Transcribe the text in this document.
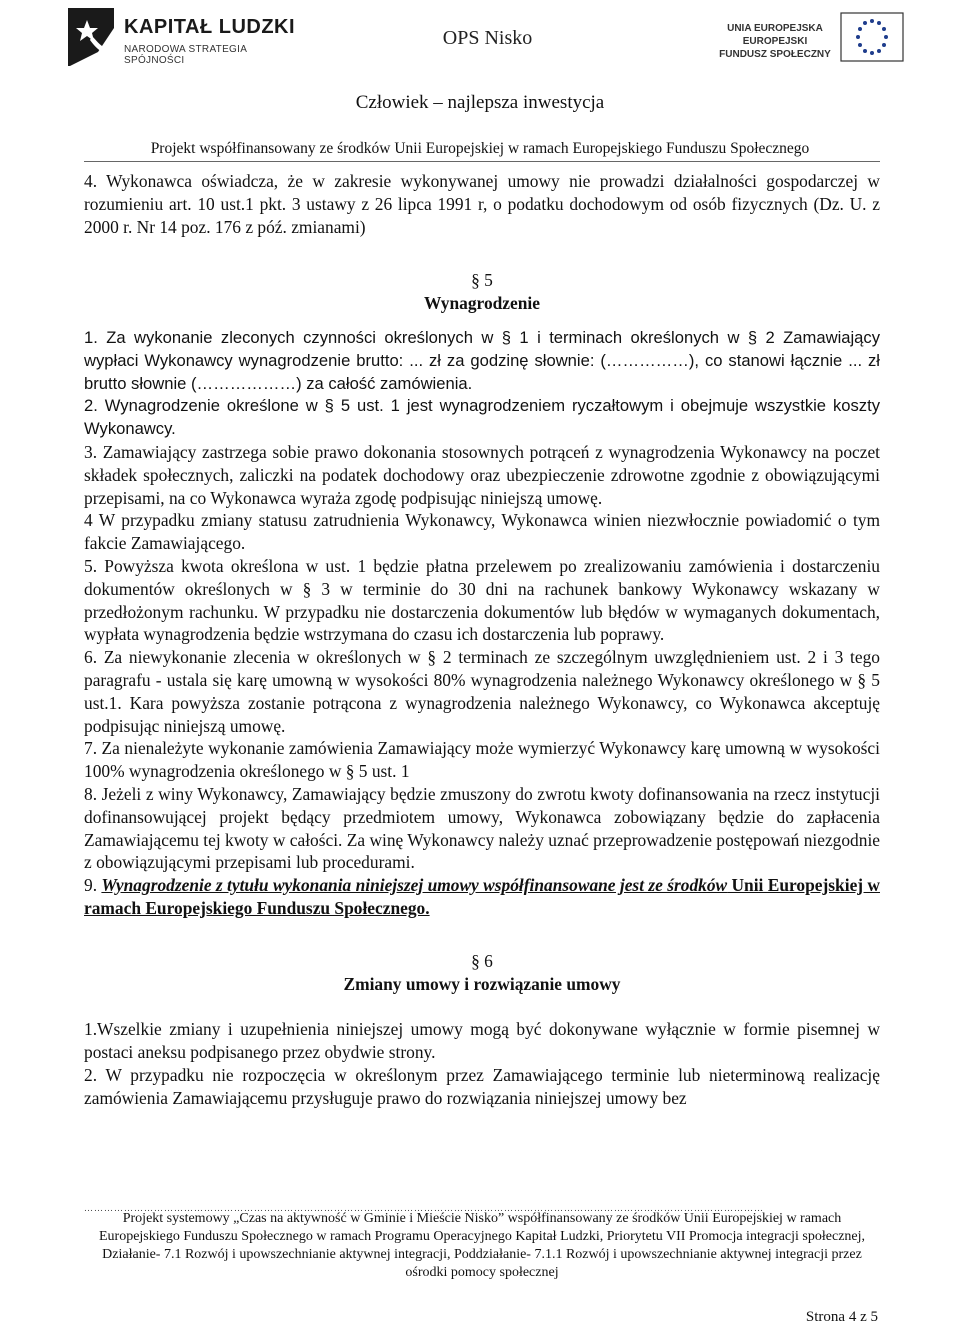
KAPITAŁ LUDZKI
NARODOWA STRATEGIA SPÓJNOŚCI
OPS Nisko	UNIA EUROPEJSKA
EUROPEJSKI
FUNDUSZ SPOŁECZNY
Człowiek – najlepsza inwestycja
Projekt współfinansowany ze środków Unii Europejskiej w ramach Europejskiego Funduszu Społecznego

4. Wykonawca oświadcza, że w zakresie wykonywanej umowy nie prowadzi działalności gospodarczej w rozumieniu art. 10 ust.1 pkt. 3 ustawy z 26 lipca 1991 r, o podatku dochodowym od osób fizycznych (Dz. U. z 2000 r. Nr 14 poz. 176 z póź. zmianami)

§ 5

Wynagrodzenie

1. Za wykonanie zleconych czynności określonych w § 1 i terminach określonych w § 2 Zamawiający wypłaci Wykonawcy wynagrodzenie brutto: ... zł za godzinę słownie: (……………), co stanowi łącznie ... zł brutto słownie (………………) za całość zamówienia.

2. Wynagrodzenie określone w § 5 ust. 1 jest wynagrodzeniem ryczałtowym i obejmuje wszystkie koszty Wykonawcy.

3. Zamawiający zastrzega sobie prawo dokonania stosownych potrąceń z wynagrodzenia Wykonawcy na poczet składek społecznych, zaliczki na podatek dochodowy oraz ubezpieczenie zdrowotne zgodnie z obowiązującymi przepisami, na co Wykonawca wyraża zgodę podpisując niniejszą umowę.

4 W przypadku zmiany statusu zatrudnienia Wykonawcy, Wykonawca winien niezwłocznie powiadomić o tym fakcie Zamawiającego.

5. Powyższa kwota określona w ust. 1 będzie płatna przelewem po zrealizowaniu zamówienia i dostarczeniu dokumentów określonych w § 3 w terminie do 30 dni na rachunek bankowy Wykonawcy wskazany w przedłożonym rachunku. W przypadku nie dostarczenia dokumentów lub błędów w wymaganych dokumentach, wypłata wynagrodzenia będzie wstrzymana do czasu ich dostarczenia lub poprawy.

6. Za niewykonanie zlecenia w określonych w § 2 terminach ze szczególnym uwzględnieniem ust. 2 i 3 tego paragrafu - ustala się karę umowną w wysokości 80% wynagrodzenia należnego Wykonawcy określonego w § 5 ust.1. Kara powyższa zostanie potrącona z wynagrodzenia należnego Wykonawcy, co Wykonawca akceptuję podpisując niniejszą umowę.

7. Za nienależyte wykonanie zamówienia Zamawiający może wymierzyć Wykonawcy karę umowną w wysokości 100% wynagrodzenia określonego w § 5 ust. 1

8. Jeżeli z winy Wykonawcy, Zamawiający będzie zmuszony do zwrotu kwoty dofinansowania na rzecz instytucji dofinansowującej projekt będący przedmiotem umowy, Wykonawca zobowiązany będzie do zapłacenia Zamawiającemu tej kwoty w całości. Za winę Wykonawcy należy uznać przeprowadzenie postępowań niezgodnie z obowiązującymi przepisami lub procedurami.

9. Wynagrodzenie z tytułu wykonania niniejszej umowy współfinansowane jest ze środków Unii Europejskiej w ramach Europejskiego Funduszu Społecznego.

§ 6

Zmiany umowy i rozwiązanie umowy

1.Wszelkie zmiany i uzupełnienia niniejszej umowy mogą być dokonywane wyłącznie w formie pisemnej w postaci aneksu podpisanego przez obydwie strony.

2. W przypadku nie rozpoczęcia w określonym przez Zamawiającego terminie lub nieterminową realizację zamówienia Zamawiającemu przysługuje prawo do rozwiązania niniejszej umowy bez

……………………………………………………………………………………………………………………………………………………………………………………
Projekt systemowy „Czas na aktywność w Gminie i Mieście Nisko” współfinansowany ze środków Unii Europejskiej w ramach Europejskiego Funduszu Społecznego w ramach Programu Operacyjnego Kapitał Ludzki, Priorytetu VII Promocja integracji społecznej, Działanie- 7.1 Rozwój i upowszechnianie aktywnej integracji, Poddziałanie- 7.1.1 Rozwój i upowszechnianie aktywnej integracji przez ośrodki pomocy społecznej
Strona 4 z 5
